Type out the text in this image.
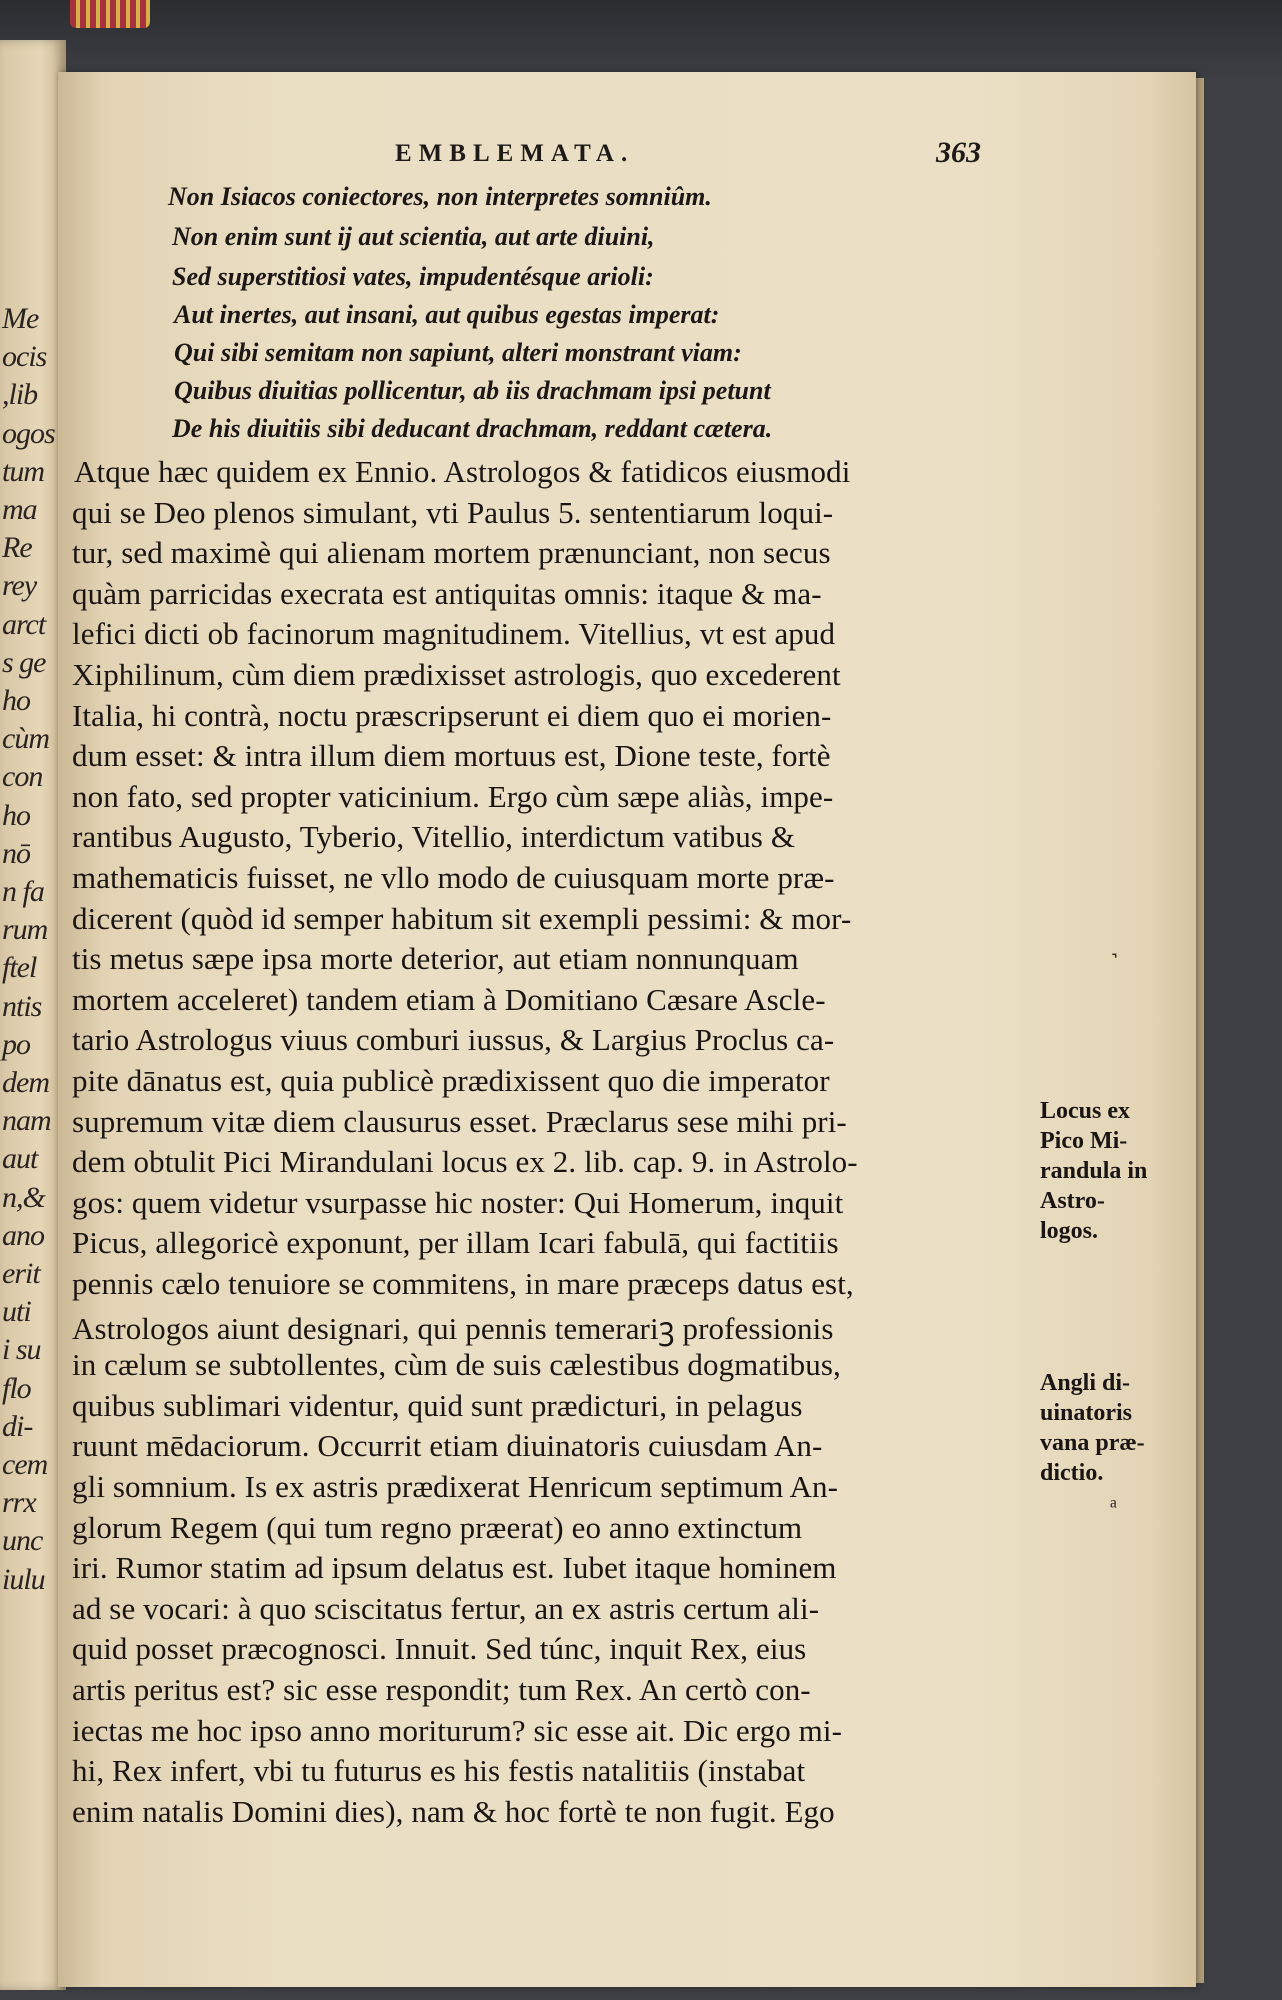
Me
ocis
,lib
ogos
tum
ma
Re
rey
arct
s ge
ho
cùm
con
ho
nō
n fa
rum
ftel
ntis
po
dem
nam
aut
n,&
ano
erit
uti
i su
flo
di-
cem
rrx
unc
iulu
EMBLEMATA.	363
Non Isiacos coniectores, non interpretes somniûm.
Non enim sunt ij aut scientia, aut arte diuini,
Sed superstitiosi vates, impudentésque arioli:
Aut inertes, aut insani, aut quibus egestas imperat:
Qui sibi semitam non sapiunt, alteri monstrant viam:
Quibus diuitias pollicentur, ab iis drachmam ipsi petunt
De his diuitiis sibi deducant drachmam, reddant cætera.
Atque hæc quidem ex Ennio. Astrologos & fatidicos eiusmodi
qui se Deo plenos simulant, vti Paulus 5. sententiarum loqui-
tur, sed maximè qui alienam mortem prænunciant, non secus
quàm parricidas execrata est antiquitas omnis: itaque & ma-
lefici dicti ob facinorum magnitudinem. Vitellius, vt est apud
Xiphilinum, cùm diem prædixisset astrologis, quo excederent
Italia, hi contrà, noctu præscripserunt ei diem quo ei morien-
dum esset: & intra illum diem mortuus est, Dione teste, fortè
non fato, sed propter vaticinium. Ergo cùm sæpe aliàs, impe-
rantibus Augusto, Tyberio, Vitellio, interdictum vatibus &
mathematicis fuisset, ne vllo modo de cuiusquam morte præ-
dicerent (quòd id semper habitum sit exempli pessimi: & mor-
tis metus sæpe ipsa morte deterior, aut etiam nonnunquam
mortem acceleret) tandem etiam à Domitiano Cæsare Ascle-
tario Astrologus viuus comburi iussus, & Largius Proclus ca-
pite dānatus est, quia publicè prædixissent quo die imperator
supremum vitæ diem clausurus esset. Præclarus sese mihi pri-
dem obtulit Pici Mirandulani locus ex 2. lib. cap. 9. in Astrolo-
gos: quem videtur vsurpasse hic noster: Qui Homerum, inquit
Picus, allegoricè exponunt, per illam Icari fabulā, qui factitiis
pennis cælo tenuiore se commitens, in mare præceps datus est,
Astrologos aiunt designari, qui pennis temerariꝫ professionis
in cælum se subtollentes, cùm de suis cælestibus dogmatibus,
quibus sublimari videntur, quid sunt prædicturi, in pelagus
ruunt mēdaciorum. Occurrit etiam diuinatoris cuiusdam An-
gli somnium. Is ex astris prædixerat Henricum septimum An-
glorum Regem (qui tum regno præerat) eo anno extinctum
iri. Rumor statim ad ipsum delatus est. Iubet itaque hominem
ad se vocari: à quo sciscitatus fertur, an ex astris certum ali-
quid posset præcognosci. Innuit. Sed túnc, inquit Rex, eius
artis peritus est? sic esse respondit; tum Rex. An certò con-
iectas me hoc ipso anno moriturum? sic esse ait. Dic ergo mi-
hi, Rex infert, vbi tu futurus es his festis natalitiis (instabat
enim natalis Domini dies), nam & hoc fortè te non fugit. Ego
Locus ex Pico Mi- randula in Astro- logos.
Angli di- uinatoris vana præ- dictio.
˺
ₐ
